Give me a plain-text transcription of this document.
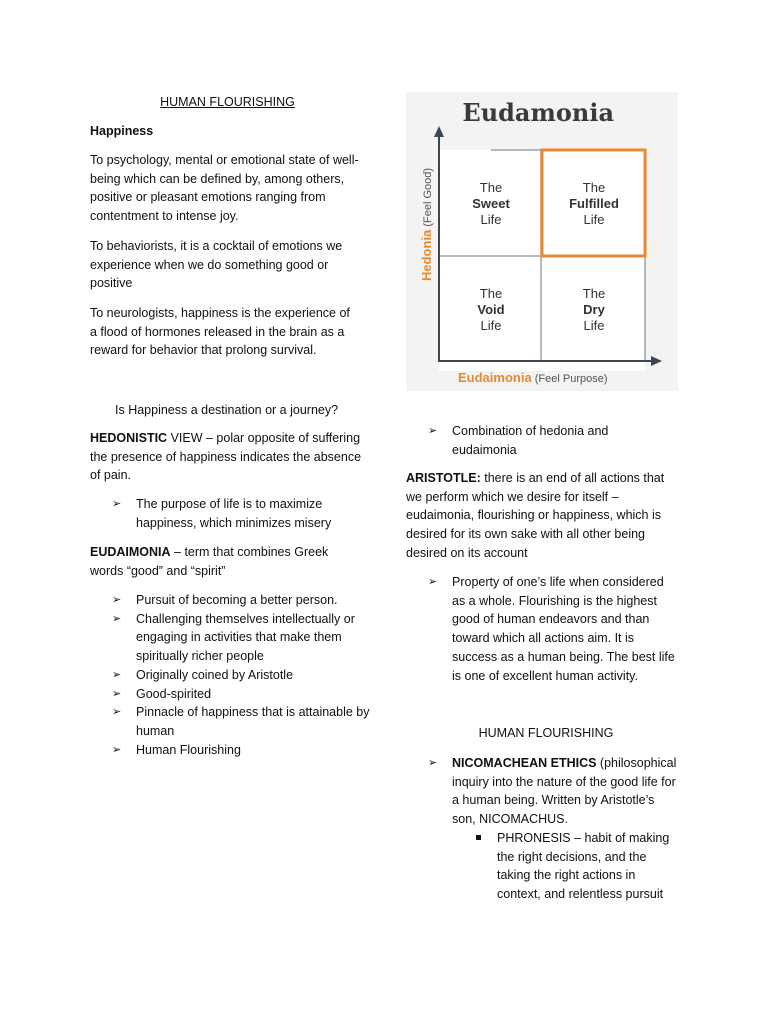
HUMAN FLOURISHING

Happiness

To psychology, mental or emotional state of well-being which can be defined by, among others, positive or pleasant emotions ranging from contentment to intense joy.

To behaviorists, it is a cocktail of emotions we experience when we do something good or positive

To neurologists, happiness is the experience of a flood of hormones released in the brain as a reward for behavior that prolong survival.

Is Happiness a destination or a journey?

HEDONISTIC VIEW – polar opposite of suffering the presence of happiness indicates the absence of pain.

➢ The purpose of life is to maximize happiness, which minimizes misery

EUDAIMONIA – term that combines Greek words “good” and “spirit”

➢ Pursuit of becoming a better person.
➢ Challenging themselves intellectually or engaging in activities that make them spiritually richer people
➢ Originally coined by Aristotle
➢ Good-spirited
➢ Pinnacle of happiness that is attainable by human
➢ Human Flourishing
Eudamonia
The
Sweet
Life
The
Fulfilled
Life
The
Void
Life
The
Dry
Life
Hedonia (Feel Good)
Eudaimonia (Feel Purpose)
➢ Combination of hedonia and eudaimonia

ARISTOTLE: there is an end of all actions that we perform which we desire for itself – eudaimonia, flourishing or happiness, which is desired for its own sake with all other being desired on its account

➢ Property of one’s life when considered as a whole. Flourishing is the highest good of human endeavors and than toward which all actions aim. It is success as a human being. The best life is one of excellent human activity.

HUMAN FLOURISHING

➢ NICOMACHEAN ETHICS (philosophical inquiry into the nature of the good life for a human being. Written by Aristotle’s son, NICOMACHUS.
PHRONESIS – habit of making the right decisions, and the taking the right actions in context, and relentless pursuit
